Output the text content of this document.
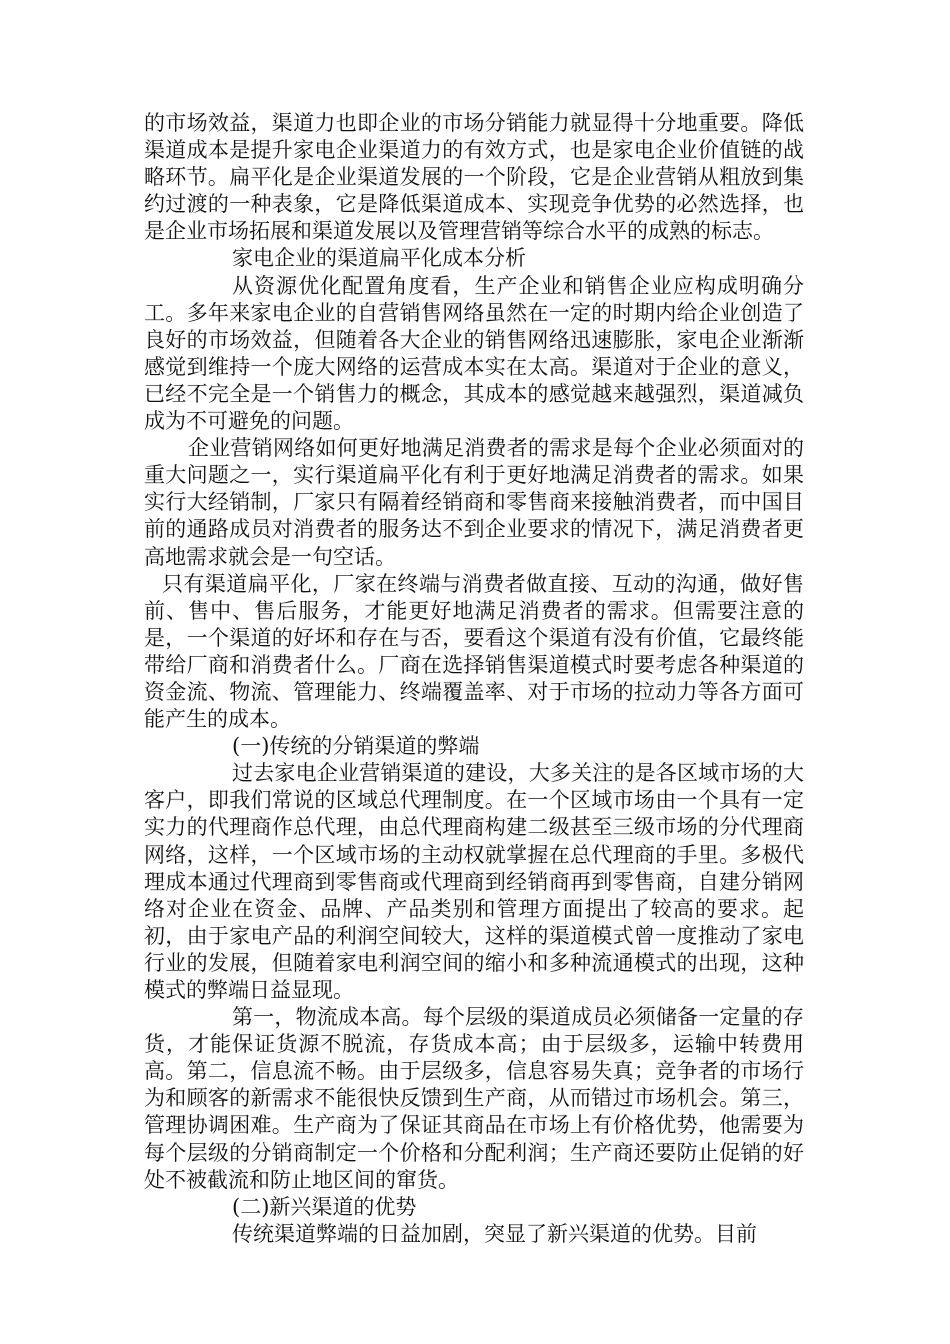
的市场效益，渠道力也即企业的市场分销能力就显得十分地重要。降低渠道成本是提升家电企业渠道力的有效方式，也是家电企业价值链的战略环节。扁平化是企业渠道发展的一个阶段，它是企业营销从粗放到集约过渡的一种表象，它是降低渠道成本、实现竞争优势的必然选择，也是企业市场拓展和渠道发展以及管理营销等综合水平的成熟的标志。

家电企业的渠道扁平化成本分析

从资源优化配置角度看，生产企业和销售企业应构成明确分工。多年来家电企业的自营销售网络虽然在一定的时期内给企业创造了良好的市场效益，但随着各大企业的销售网络迅速膨胀，家电企业渐渐感觉到维持一个庞大网络的运营成本实在太高。渠道对于企业的意义，已经不完全是一个销售力的概念，其成本的感觉越来越强烈，渠道减负成为不可避免的问题。

企业营销网络如何更好地满足消费者的需求是每个企业必须面对的重大问题之一，实行渠道扁平化有利于更好地满足消费者的需求。如果实行大经销制，厂家只有隔着经销商和零售商来接触消费者，而中国目前的通路成员对消费者的服务达不到企业要求的情况下，满足消费者更高地需求就会是一句空话。

只有渠道扁平化，厂家在终端与消费者做直接、互动的沟通，做好售前、售中、售后服务，才能更好地满足消费者的需求。但需要注意的是，一个渠道的好坏和存在与否，要看这个渠道有没有价值，它最终能带给厂商和消费者什么。厂商在选择销售渠道模式时要考虑各种渠道的资金流、物流、管理能力、终端覆盖率、对于市场的拉动力等各方面可能产生的成本。

(一)传统的分销渠道的弊端

过去家电企业营销渠道的建设，大多关注的是各区域市场的大客户，即我们常说的区域总代理制度。在一个区域市场由一个具有一定实力的代理商作总代理，由总代理商构建二级甚至三级市场的分代理商网络，这样，一个区域市场的主动权就掌握在总代理商的手里。多极代理成本通过代理商到零售商或代理商到经销商再到零售商，自建分销网络对企业在资金、品牌、产品类别和管理方面提出了较高的要求。起初，由于家电产品的利润空间较大，这样的渠道模式曾一度推动了家电行业的发展，但随着家电利润空间的缩小和多种流通模式的出现，这种模式的弊端日益显现。

第一，物流成本高。每个层级的渠道成员必须储备一定量的存货，才能保证货源不脱流，存货成本高；由于层级多，运输中转费用高。第二，信息流不畅。由于层级多，信息容易失真；竞争者的市场行为和顾客的新需求不能很快反馈到生产商，从而错过市场机会。第三，管理协调困难。生产商为了保证其商品在市场上有价格优势，他需要为每个层级的分销商制定一个价格和分配利润；生产商还要防止促销的好处不被截流和防止地区间的窜货。

(二)新兴渠道的优势

传统渠道弊端的日益加剧，突显了新兴渠道的优势。目前
